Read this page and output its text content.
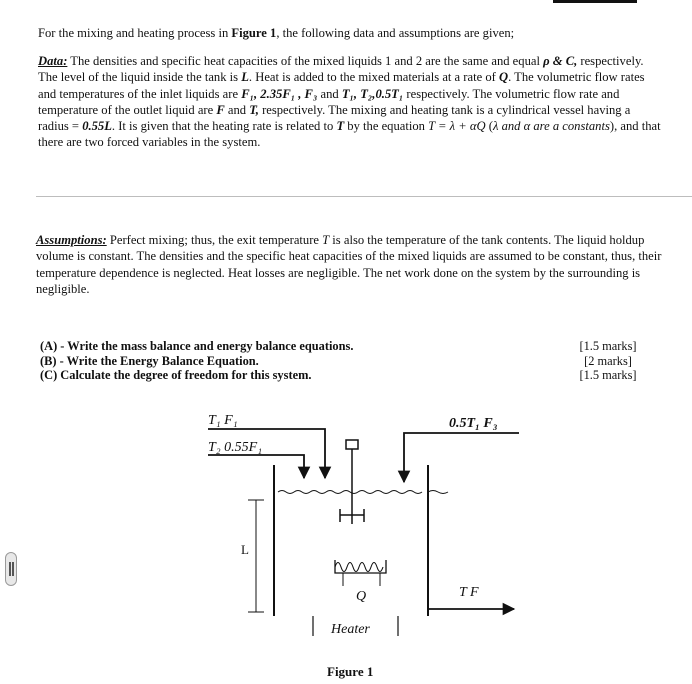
For the mixing and heating process in Figure 1, the following data and assumptions are given;
Data: The densities and specific heat capacities of the mixed liquids 1 and 2 are the same and equal ρ & C, respectively. The level of the liquid inside the tank is L. Heat is added to the mixed materials at a rate of Q. The volumetric flow rates and temperatures of the inlet liquids are F₁, 2.35F₁ , F₃ and T₁, T₂,0.5T₁ respectively. The volumetric flow rate and temperature of the outlet liquid are F and T, respectively. The mixing and heating tank is a cylindrical vessel having a radius = 0.55L. It is given that the heating rate is related to T by the equation T = λ + αQ (λ and α are a constants), and that there are two forced variables in the system.
Assumptions: Perfect mixing; thus, the exit temperature T is also the temperature of the tank contents. The liquid holdup volume is constant. The densities and the specific heat capacities of the mixed liquids are assumed to be constant, thus, their temperature dependence is neglected. Heat losses are negligible. The net work done on the system by the surrounding is negligible.
(A) - Write the mass balance and energy balance equations.
(B) - Write the Energy Balance Equation.
(C) Calculate the degree of freedom for this system.
[1.5 marks]
[2 marks]
[1.5 marks]
T₁ F₁
T₂ 0.55F₁
0.5T₁ F₃
L
Q	T F
Heater
Figure 1
